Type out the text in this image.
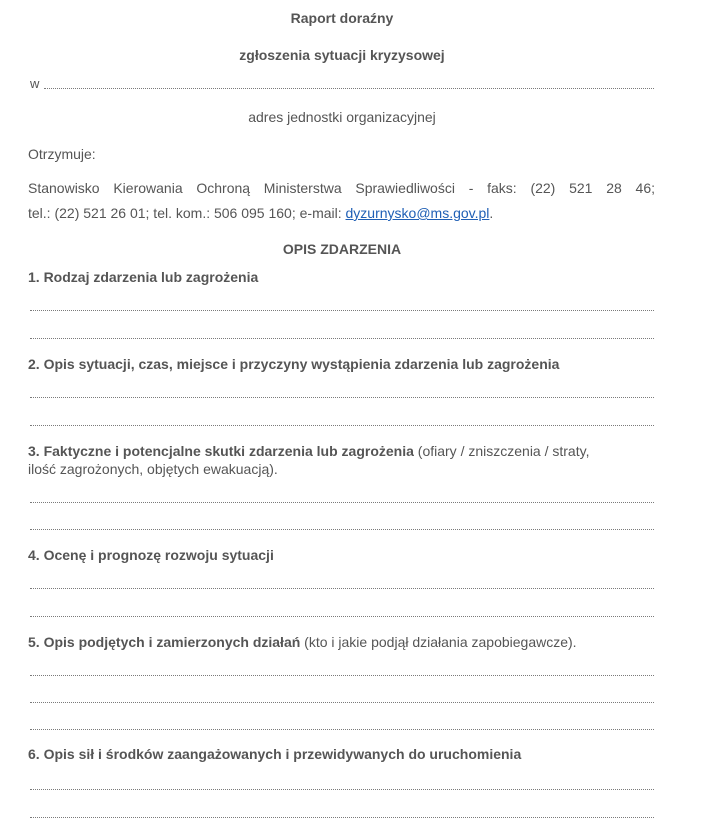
Raport doraźny
zgłoszenia sytuacji kryzysowej
w
adres jednostki organizacyjnej
Otrzymuje:
Stanowisko Kierowania Ochroną Ministerstwa Sprawiedliwości - faks: (22) 521 28 46;
tel.: (22) 521 26 01; tel. kom.: 506 095 160; e-mail: dyzurnysko@ms.gov.pl.
OPIS ZDARZENIA
1. Rodzaj zdarzenia lub zagrożenia
2. Opis sytuacji, czas, miejsce i przyczyny wystąpienia zdarzenia lub zagrożenia
3. Faktyczne i potencjalne skutki zdarzenia lub zagrożenia (ofiary / zniszczenia / straty,
ilość zagrożonych, objętych ewakuacją).
4. Ocenę i prognozę rozwoju sytuacji
5. Opis podjętych i zamierzonych działań (kto i jakie podjął działania zapobiegawcze).
6. Opis sił i środków zaangażowanych i przewidywanych do uruchomienia
